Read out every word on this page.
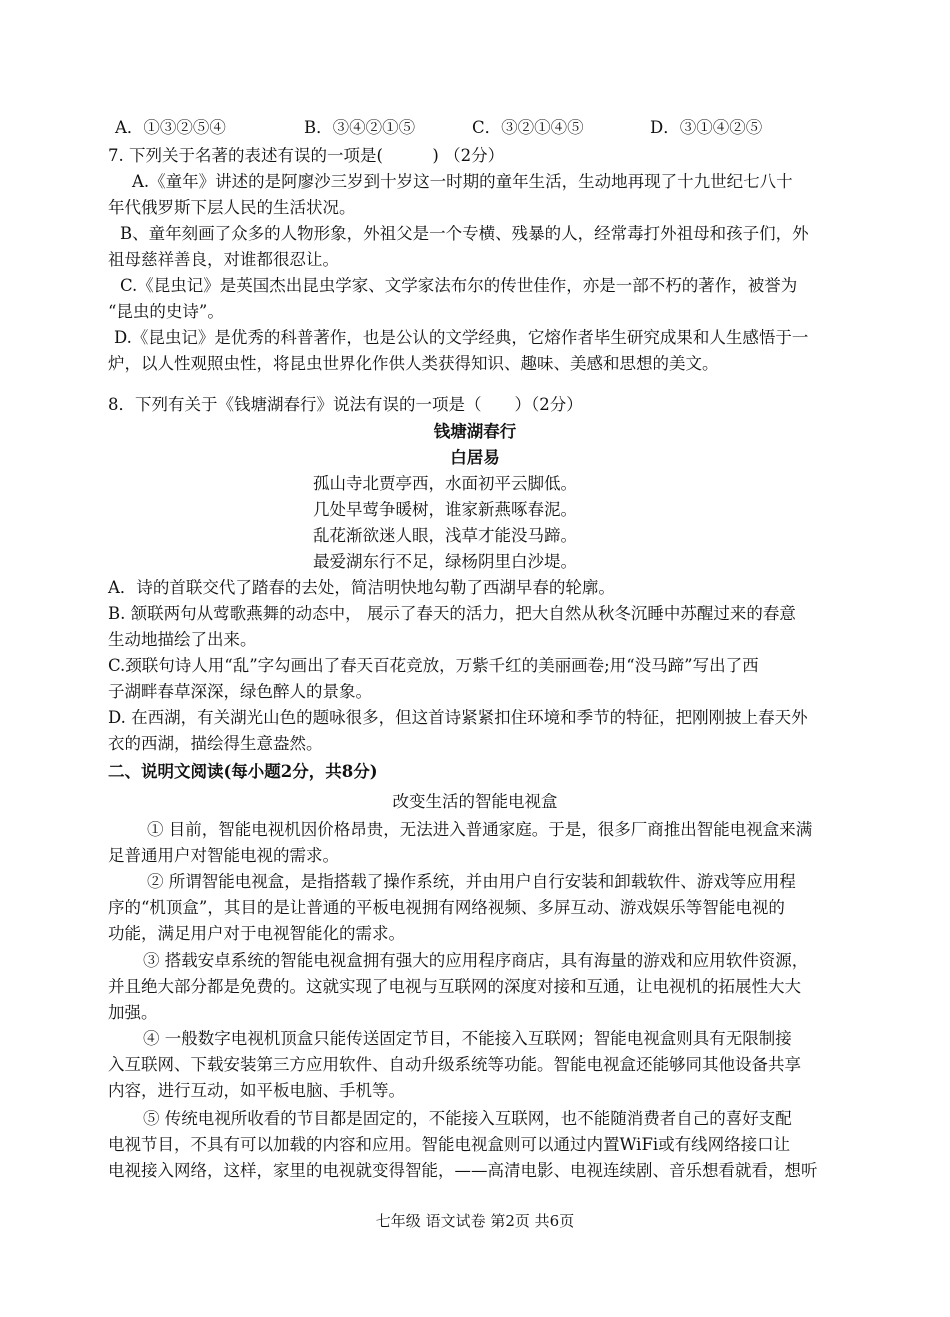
A．①③②⑤④	B．③④②①⑤	C．③②①④⑤	D．③①④②⑤
7. 下列关于名著的表述有误的一项是(　　　) （2分）
A.《童年》讲述的是阿廖沙三岁到十岁这一时期的童年生活，生动地再现了十九世纪七八十
年代俄罗斯下层人民的生活状况。
B、童年刻画了众多的人物形象，外祖父是一个专横、残暴的人，经常毒打外祖母和孩子们，外
祖母慈祥善良，对谁都很忍让。
C.《昆虫记》是英国杰出昆虫学家、文学家法布尔的传世佳作，亦是一部不朽的著作，被誉为
“昆虫的史诗”。
D.《昆虫记》是优秀的科普著作，也是公认的文学经典，它熔作者毕生研究成果和人生感悟于一
炉，以人性观照虫性，将昆虫世界化作供人类获得知识、趣味、美感和思想的美文。
8．下列有关于《钱塘湖春行》说法有误的一项是（　　）（2分）
钱塘湖春行
白居易
孤山寺北贾亭西，水面初平云脚低。
几处早莺争暖树，谁家新燕啄春泥。
乱花渐欲迷人眼，浅草才能没马蹄。
最爱湖东行不足，绿杨阴里白沙堤。
A．诗的首联交代了踏春的去处，简洁明快地勾勒了西湖早春的轮廓。
B. 颔联两句从莺歌燕舞的动态中， 展示了春天的活力，把大自然从秋冬沉睡中苏醒过来的春意
生动地描绘了出来。
C.颈联句诗人用“乱”字勾画出了春天百花竞放，万紫千红的美丽画卷;用“没马蹄”写出了西
子湖畔春草深深，绿色醉人的景象。
D. 在西湖，有关湖光山色的题咏很多，但这首诗紧紧扣住环境和季节的特征，把刚刚披上春天外
衣的西湖，描绘得生意盎然。
二、说明文阅读(每小题2分，共8分)
改变生活的智能电视盒
① 目前，智能电视机因价格昂贵，无法进入普通家庭。于是，很多厂商推出智能电视盒来满
足普通用户对智能电视的需求。
② 所谓智能电视盒，是指搭载了操作系统，并由用户自行安装和卸载软件、游戏等应用程
序的“机顶盒”，其目的是让普通的平板电视拥有网络视频、多屏互动、游戏娱乐等智能电视的
功能，满足用户对于电视智能化的需求。
③ 搭载安卓系统的智能电视盒拥有强大的应用程序商店，具有海量的游戏和应用软件资源，
并且绝大部分都是免费的。这就实现了电视与互联网的深度对接和互通，让电视机的拓展性大大
加强。
④ 一般数字电视机顶盒只能传送固定节目，不能接入互联网；智能电视盒则具有无限制接
入互联网、下载安装第三方应用软件、自动升级系统等功能。智能电视盒还能够同其他设备共享
内容，进行互动，如平板电脑、手机等。
⑤ 传统电视所收看的节目都是固定的，不能接入互联网，也不能随消费者自己的喜好支配
电视节目，不具有可以加载的内容和应用。智能电视盒则可以通过内置WiFi或有线网络接口让
电视接入网络，这样，家里的电视就变得智能，——高清电影、电视连续剧、音乐想看就看，想听
七年级 语文试卷 第2页 共6页
